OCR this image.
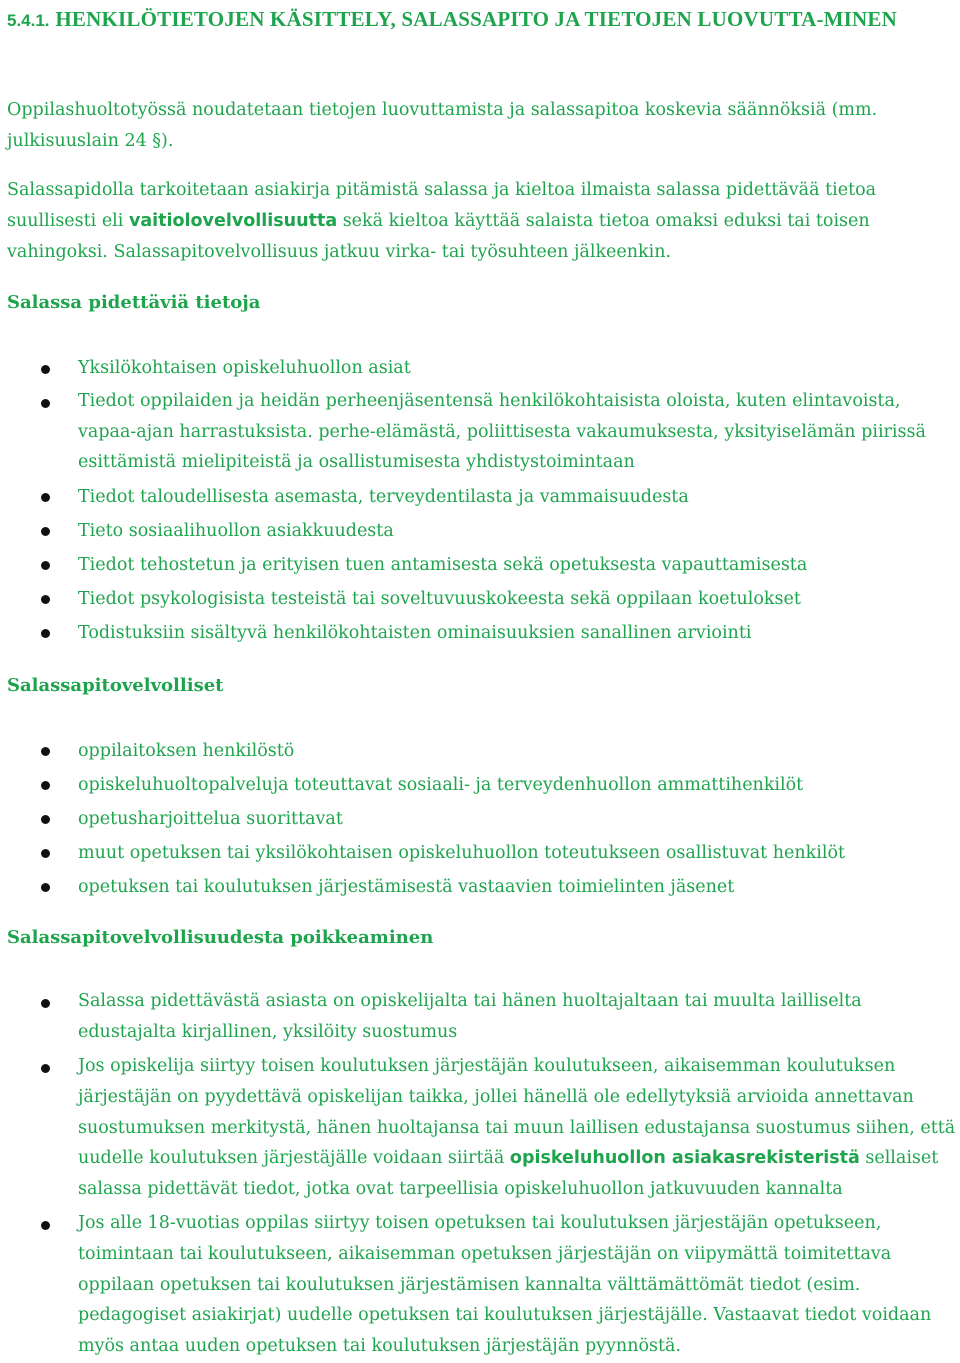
5.4.1. HENKILÖTIETOJEN KÄSITTELY, SALASSAPITO JA TIETOJEN LUOVUTTA-MINEN

Oppilashuoltotyössä noudatetaan tietojen luovuttamista ja salassapitoa koskevia säännöksiä (mm. julkisuuslain 24 §).

Salassapidolla tarkoitetaan asiakirja pitämistä salassa ja kieltoa ilmaista salassa pidettävää tietoa suullisesti eli vaitiolovelvollisuutta sekä kieltoa käyttää salaista tietoa omaksi eduksi tai toisen vahingoksi. Salassapitovelvollisuus jatkuu virka- tai työsuhteen jälkeenkin.

Salassa pidettäviä tietoja
Yksilökohtaisen opiskeluhuollon asiat
Tiedot oppilaiden ja heidän perheenjäsentensä henkilökohtaisista oloista, kuten elintavoista, vapaa-ajan harrastuksista. perhe-elämästä, poliittisesta vakaumuksesta, yksityiselämän piirissä esittämistä mielipiteistä ja osallistumisesta yhdistystoimintaan
Tiedot taloudellisesta asemasta, terveydentilasta ja vammaisuudesta
Tieto sosiaalihuollon asiakkuudesta
Tiedot tehostetun ja erityisen tuen antamisesta sekä opetuksesta vapauttamisesta
Tiedot psykologisista testeistä tai soveltuvuuskokeesta sekä oppilaan koetulokset
Todistuksiin sisältyvä henkilökohtaisten ominaisuuksien sanallinen arviointi
Salassapitovelvolliset
oppilaitoksen henkilöstö
opiskeluhuoltopalveluja toteuttavat sosiaali- ja terveydenhuollon ammattihenkilöt
opetusharjoittelua suorittavat
muut opetuksen tai yksilökohtaisen opiskeluhuollon toteutukseen osallistuvat henkilöt
opetuksen tai koulutuksen järjestämisestä vastaavien toimielinten jäsenet
Salassapitovelvollisuudesta poikkeaminen
Salassa pidettävästä asiasta on opiskelijalta tai hänen huoltajaltaan tai muulta lailliselta edustajalta kirjallinen, yksilöity suostumus
Jos opiskelija siirtyy toisen koulutuksen järjestäjän koulutukseen, aikaisemman koulutuksen järjestäjän on pyydettävä opiskelijan taikka, jollei hänellä ole edellytyksiä arvioida annettavan suostumuksen merkitystä, hänen huoltajansa tai muun laillisen edustajansa suostumus siihen, että uudelle koulutuksen järjestäjälle voidaan siirtää opiskeluhuollon asiakasrekisteristä sellaiset salassa pidettävät tiedot, jotka ovat tarpeellisia opiskeluhuollon jatkuvuuden kannalta
Jos alle 18-vuotias oppilas siirtyy toisen opetuksen tai koulutuksen järjestäjän opetukseen, toimintaan tai koulutukseen, aikaisemman opetuksen järjestäjän on viipymättä toimitettava oppilaan opetuksen tai koulutuksen järjestämisen kannalta välttämättömät tiedot (esim. pedagogiset asiakirjat) uudelle opetuksen tai koulutuksen järjestäjälle. Vastaavat tiedot voidaan myös antaa uuden opetuksen tai koulutuksen järjestäjän pyynnöstä.
